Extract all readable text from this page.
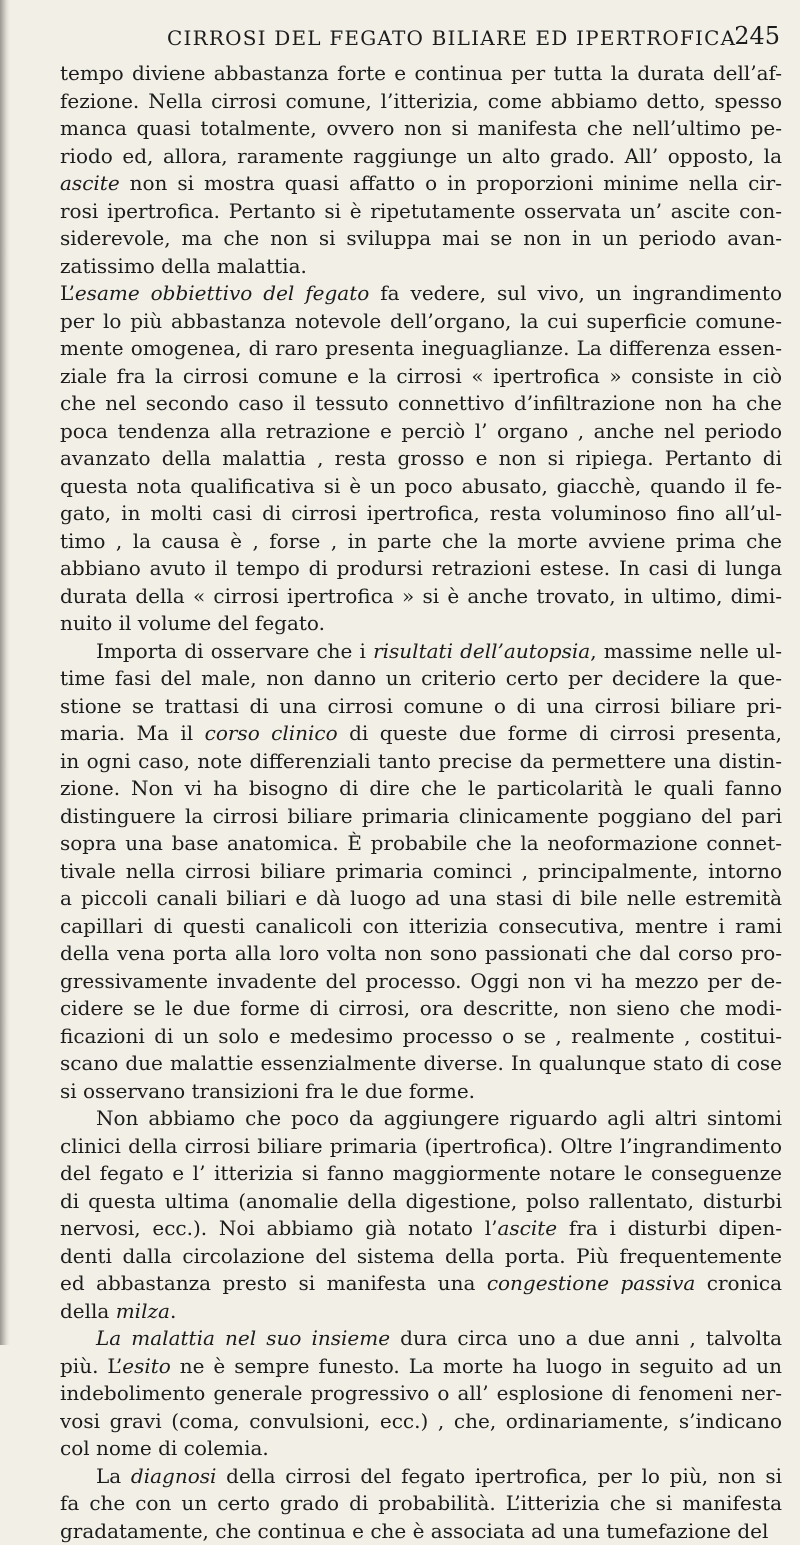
CIRROSI DEL FEGATO BILIARE ED IPERTROFICA
245
tempo diviene abbastanza forte e continua per tutta la durata dell’af-
fezione. Nella cirrosi comune, l’itterizia, come abbiamo detto, spesso
manca quasi totalmente, ovvero non si manifesta che nell’ultimo pe-
riodo ed, allora, raramente raggiunge un alto grado. All’ opposto, la
ascite non si mostra quasi affatto o in proporzioni minime nella cir-
rosi ipertrofica. Pertanto si è ripetutamente osservata un’ ascite con-
siderevole, ma che non si sviluppa mai se non in un periodo avan-
zatissimo della malattia.
L’esame obbiettivo del fegato fa vedere, sul vivo, un ingrandimento
per lo più abbastanza notevole dell’organo, la cui superficie comune-
mente omogenea, di raro presenta ineguaglianze. La differenza essen-
ziale fra la cirrosi comune e la cirrosi « ipertrofica » consiste in ciò
che nel secondo caso il tessuto connettivo d’infiltrazione non ha che
poca tendenza alla retrazione e perciò l’ organo , anche nel periodo
avanzato della malattia , resta grosso e non si ripiega. Pertanto di
questa nota qualificativa si è un poco abusato, giacchè, quando il fe-
gato, in molti casi di cirrosi ipertrofica, resta voluminoso fino all’ul-
timo , la causa è , forse , in parte che la morte avviene prima che
abbiano avuto il tempo di prodursi retrazioni estese. In casi di lunga
durata della « cirrosi ipertrofica » si è anche trovato, in ultimo, dimi-
nuito il volume del fegato.
Importa di osservare che i risultati dell’autopsia, massime nelle ul-
time fasi del male, non danno un criterio certo per decidere la que-
stione se trattasi di una cirrosi comune o di una cirrosi biliare pri-
maria. Ma il corso clinico di queste due forme di cirrosi presenta,
in ogni caso, note differenziali tanto precise da permettere una distin-
zione. Non vi ha bisogno di dire che le particolarità le quali fanno
distinguere la cirrosi biliare primaria clinicamente poggiano del pari
sopra una base anatomica. È probabile che la neoformazione connet-
tivale nella cirrosi biliare primaria cominci , principalmente, intorno
a piccoli canali biliari e dà luogo ad una stasi di bile nelle estremità
capillari di questi canalicoli con itterizia consecutiva, mentre i rami
della vena porta alla loro volta non sono passionati che dal corso pro-
gressivamente invadente del processo. Oggi non vi ha mezzo per de-
cidere se le due forme di cirrosi, ora descritte, non sieno che modi-
ficazioni di un solo e medesimo processo o se , realmente , costitui-
scano due malattie essenzialmente diverse. In qualunque stato di cose
si osservano transizioni fra le due forme.
Non abbiamo che poco da aggiungere riguardo agli altri sintomi
clinici della cirrosi biliare primaria (ipertrofica). Oltre l’ingrandimento
del fegato e l’ itterizia si fanno maggiormente notare le conseguenze
di questa ultima (anomalie della digestione, polso rallentato, disturbi
nervosi, ecc.). Noi abbiamo già notato l’ascite fra i disturbi dipen-
denti dalla circolazione del sistema della porta. Più frequentemente
ed abbastanza presto si manifesta una congestione passiva cronica
della milza.
La malattia nel suo insieme dura circa uno a due anni , talvolta
più. L’esito ne è sempre funesto. La morte ha luogo in seguito ad un
indebolimento generale progressivo o all’ esplosione di fenomeni ner-
vosi gravi (coma, convulsioni, ecc.) , che, ordinariamente, s’indicano
col nome di colemia.
La diagnosi della cirrosi del fegato ipertrofica, per lo più, non si
fa che con un certo grado di probabilità. L’itterizia che si manifesta
gradatamente, che continua e che è associata ad una tumefazione del
